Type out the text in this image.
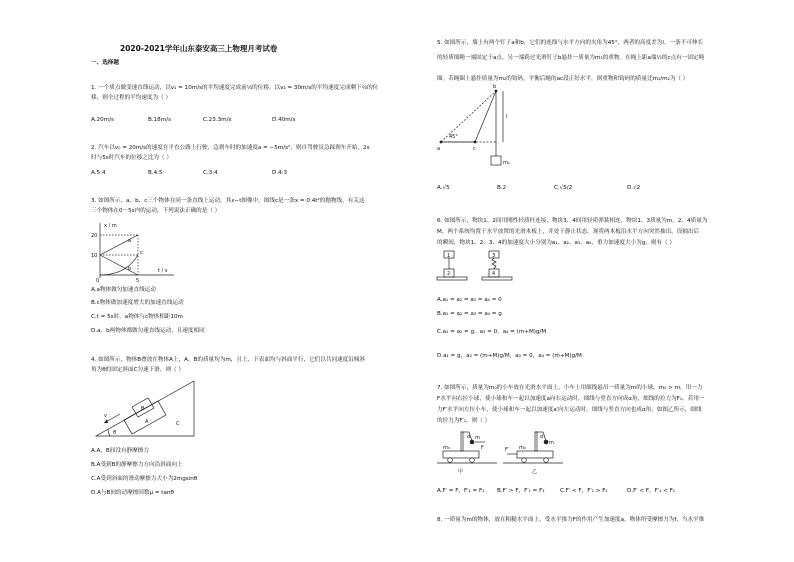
2020-2021学年山东泰安高三上物理月考试卷
一、选择题
1. 一个质点做变速直线运动，以v₁ = 10m/s的平均速度完成前⅓的位移，以v₂ = 30m/s的平均速度完成剩下⅔的位
移，则全过程的平均速度为（ ）
A.20m/s	B.18m/s	C.23.3m/s	D.40m/s
2. 汽车以v₀ = 20m/s的速度在平直公路上行驶，急刹车时的加速度a = −5m/s²，则自驾驶员急踩刹车开始，2s
时与5s时汽车的位移之比为（ ）
A.5:4	B.4:5	C.3:4	D.4:3
3. 如图所示，a、b、c三个物体在同一条直线上运动，其x−t图像中，图线c是一条x = 0.4t²的抛物线，有关这
三个物体在0～5s内的运动，下列说法正确的是（ ）
20
10
0	5
x / m
t / s
a
b
c
A.a物体做匀加速直线运动
B.c物体做加速度增大的加速直线运动
C.t = 5s时，a物体与c物体相距10m
D.a、b两物体都做匀速直线运动，且速度相同
4. 如图所示，物体B叠放在物体A上，A、B的质量均为m，且上、下表面均与斜面平行，它们以共同速度沿倾斜
角为θ的固定斜面C匀速下滑，则（ ）
v
B
A	C
θ
A.A、B间没有静摩擦力
B.A受到B的静摩擦力方向沿斜面向上
C.A受到斜面的滑动摩擦力大小为2mgsinθ
D.A与B间的动摩擦因数μ = tanθ
5. 如图所示，墙上有两个钉子a和b，它们的连线与水平方向的夹角为45°，两者的高度差为l。一条不可伸长
的轻质细绳一端固定于a点，另一端跨过光滑钉子b悬挂一质量为m₁的重物。在绳上距a端½的c点有一固定绳
圈。若绳圈上悬挂质量为m₂的钩码，平衡后绳的ac段正好水平，则重物和钩码的质量比m₁/m₂为（ ）
a
b
c
45°
l
m₁
A.√5	B.2	C.√5/2	D.√2
6. 如图所示，物块1、2间用刚性轻质杆连接，物块3、4间用轻质弹簧相连，物块1、3质量为m，2、4质量为
M，两个系统均置于水平放置的光滑木板上，并处于静止状态。现将两木板沿水平方向突然抽出，设抽出后
的瞬间，物块1、2、3、4的加速度大小分别为a₁、a₂、a₃、a₄，重力加速度大小为g，则有（ ）
1
2
3
4
A.a₁ = a₂ = a₃ = a₄ = 0
B.a₁ = a₂ = a₃ = a₄ = g
C.a₁ = a₂ = g，a₃ = 0，a₄ = (m+M)g/M
D.a₁ = g，a₂ = (m+M)g/M，a₃ = 0，a₄ = (m+M)g/M
7. 如图所示，质量为m₀的小车放在光滑水平面上，小车上用细线悬吊一质量为m的小球，m₀ > m，用一力
F水平向右拉小球，使小球和车一起以加速度a向右运动时，细线与竖直方向成α角，细线的拉力为F₁。若用一
力F′水平向左拉小车，使小球和车一起以加速度a′向左运动时，细线与竖直方向也成α角，如图乙所示，细线
的拉力为F′₁，则（ ）
m₀
m
F
α
甲
m₀
m
F′
α
乙
A.F′ = F，F′₁ = F₁ B.F′ > F，F′₁ = F₁	C.F′ < F，F′₁ > F₁	D.F′ < F，F′₁ < F₁
8. 一质量为m的物体，放在粗糙水平面上，受水平推力F的作用产生加速度a，物体所受摩擦力为f，当水平推
